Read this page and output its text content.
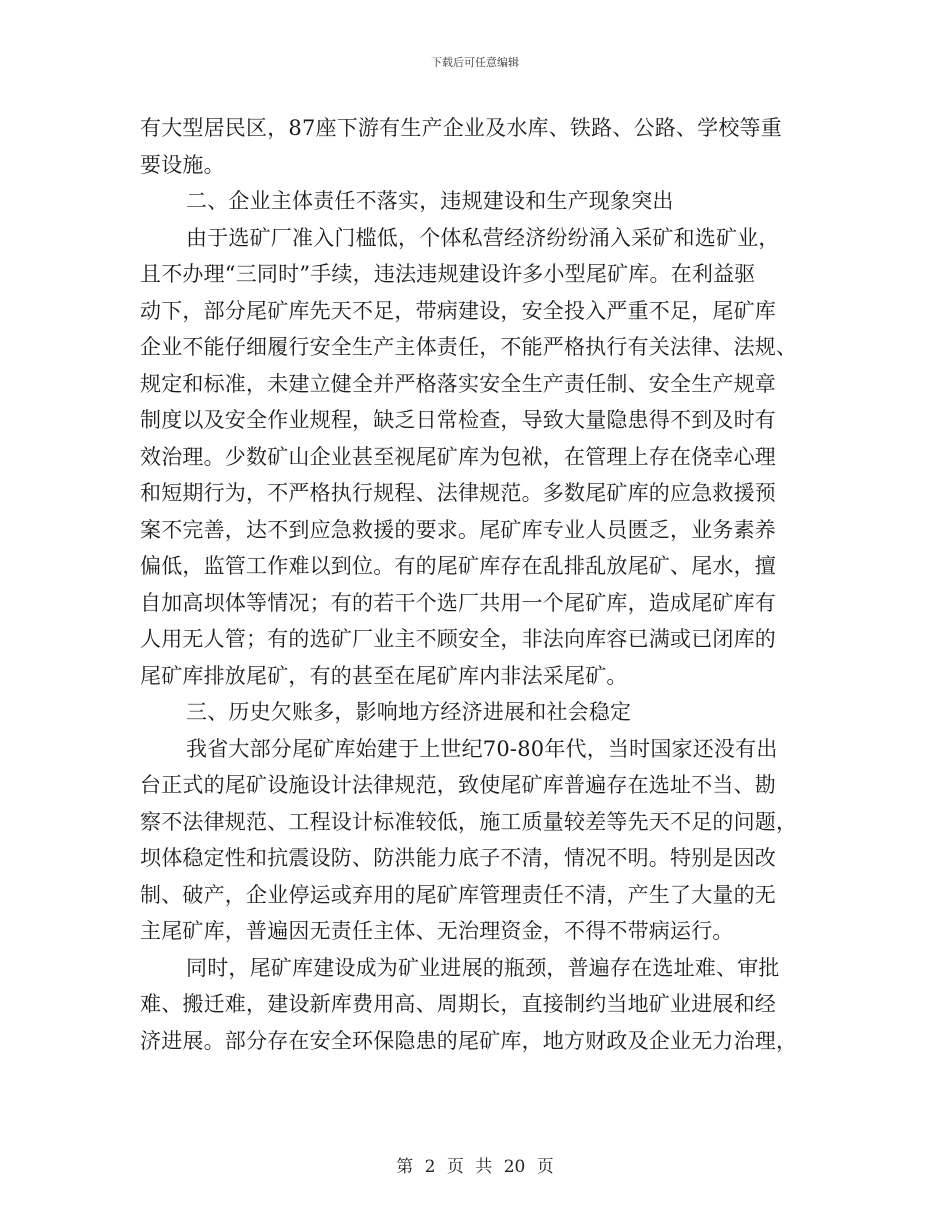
下载后可任意编辑
有大型居民区，87座下游有生产企业及水库、铁路、公路、学校等重
要设施。
二、企业主体责任不落实，违规建设和生产现象突出
由于选矿厂准入门槛低，个体私营经济纷纷涌入采矿和选矿业，
且不办理“三同时”手续，违法违规建设许多小型尾矿库。在利益驱
动下，部分尾矿库先天不足，带病建设，安全投入严重不足，尾矿库
企业不能仔细履行安全生产主体责任，不能严格执行有关法律、法规、
规定和标准，未建立健全并严格落实安全生产责任制、安全生产规章
制度以及安全作业规程，缺乏日常检查，导致大量隐患得不到及时有
效治理。少数矿山企业甚至视尾矿库为包袱，在管理上存在侥幸心理
和短期行为，不严格执行规程、法律规范。多数尾矿库的应急救援预
案不完善，达不到应急救援的要求。尾矿库专业人员匮乏，业务素养
偏低，监管工作难以到位。有的尾矿库存在乱排乱放尾矿、尾水，擅
自加高坝体等情况；有的若干个选厂共用一个尾矿库，造成尾矿库有
人用无人管；有的选矿厂业主不顾安全，非法向库容已满或已闭库的
尾矿库排放尾矿，有的甚至在尾矿库内非法采尾矿。
三、历史欠账多，影响地方经济进展和社会稳定
我省大部分尾矿库始建于上世纪70-80年代，当时国家还没有出
台正式的尾矿设施设计法律规范，致使尾矿库普遍存在选址不当、勘
察不法律规范、工程设计标准较低，施工质量较差等先天不足的问题，
坝体稳定性和抗震设防、防洪能力底子不清，情况不明。特别是因改
制、破产，企业停运或弃用的尾矿库管理责任不清，产生了大量的无
主尾矿库，普遍因无责任主体、无治理资金，不得不带病运行。
同时，尾矿库建设成为矿业进展的瓶颈，普遍存在选址难、审批
难、搬迁难，建设新库费用高、周期长，直接制约当地矿业进展和经
济进展。部分存在安全环保隐患的尾矿库，地方财政及企业无力治理，
第 2 页 共 20 页
